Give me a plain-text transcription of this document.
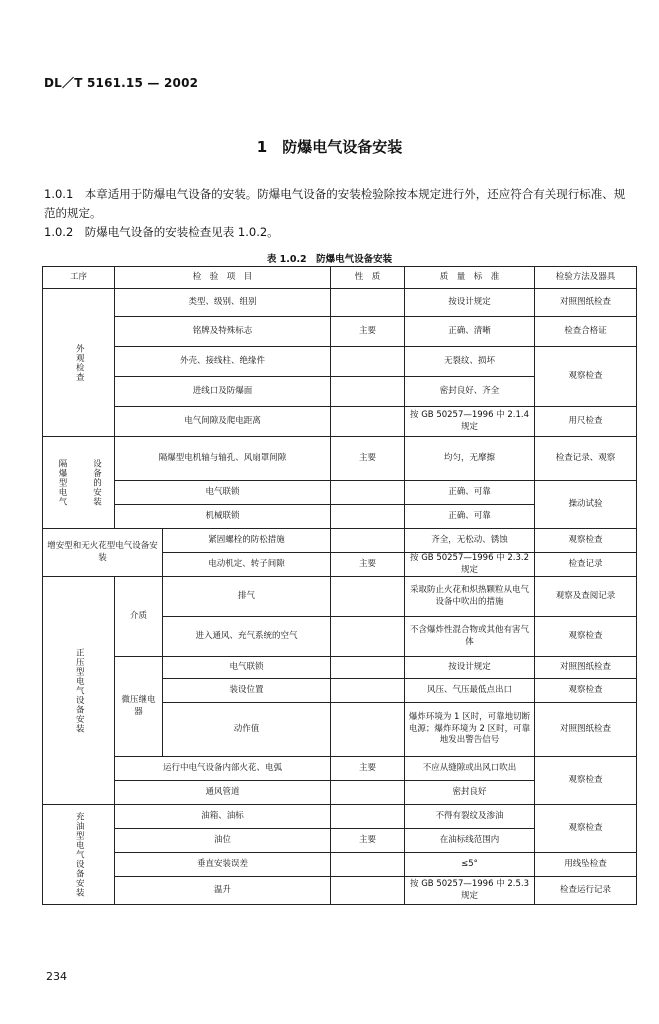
DL／T 5161.15 — 2002
1　防爆电气设备安装
1.0.1　本章适用于防爆电气设备的安装。防爆电气设备的安装检验除按本规定进行外，还应符合有关现行标准、规范的规定。
1.0.2　防爆电气设备的安装检查见表 1.0.2。
表 1.0.2　防爆电气设备安装
工序	检　验　项　目		性　质	质　量　标　准	检验方法及器具

外观检查	类型、级别、组别			按设计规定	对照图纸检查
	铭牌及特殊标志		主要	正确、清晰	检查合格证
	外壳、接线柱、绝缘件			无裂纹、损坏	观察检查
	进线口及防爆面			密封良好、齐全	
	电气间隙及爬电距离			按 GB 50257—1996 中 2.1.4 规定	用尺检查

隔爆型电气 设备的安装	隔爆型电机轴与轴孔、风扇罩间隙		主要	均匀，无摩擦	检查记录、观察
	电气联锁			正确、可靠	操动试验
	机械联锁			正确、可靠	
增安型和无火花型电气设备安装		紧固螺栓的防松措施		齐全，无松动、锈蚀	观察检查
		电动机定、转子间隙	主要	按 GB 50257—1996 中 2.3.2 规定	检查记录

正压型电气设备安装	介质	排气		采取防止火花和炽热颗粒从电气设备中吹出的措施	观察及查阅记录
		进入通风、充气系统的空气		不含爆炸性混合物或其他有害气体	观察检查
	微压继电器	电气联锁		按设计规定	对照图纸检查
		装设位置		风压、气压最低点出口	观察检查
		动作值		爆炸环境为 1 区时，可靠地切断电源；爆炸环境为 2 区时，可靠地发出警告信号	对照图纸检查
	运行中电气设备内部火花、电弧		主要	不应从缝隙或出风口吹出	观察检查
	通风管道			密封良好	

充油型电气设备安装	油箱、油标			不得有裂纹及渗油	观察检查
	油位		主要	在油标线范围内	
	垂直安装误差			≤5°	用线坠检查
	温升			按 GB 50257—1996 中 2.5.3 规定	检查运行记录
234
